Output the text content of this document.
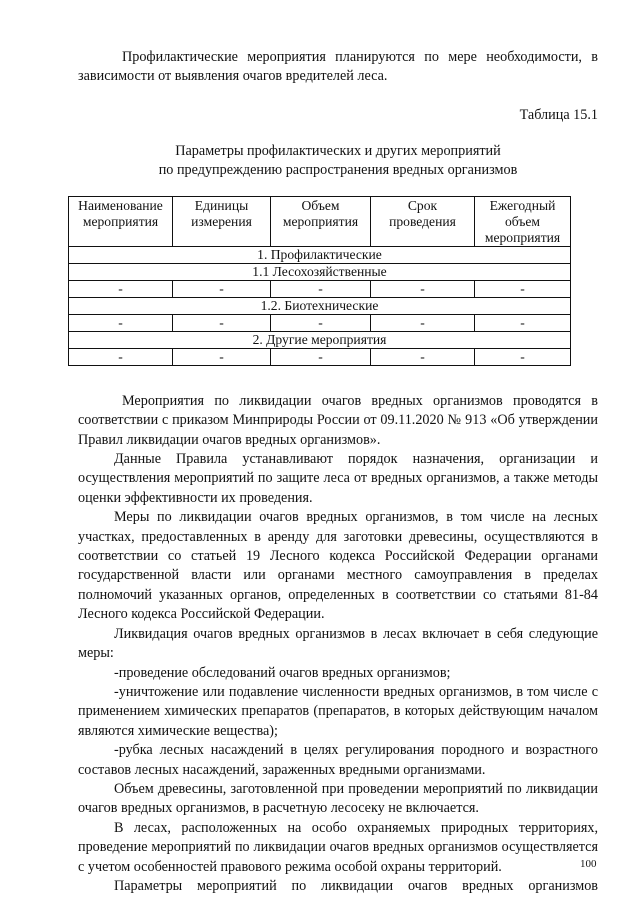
Профилактические мероприятия планируются по мере необходимости, в зависимости от выявления очагов вредителей леса.

Таблица 15.1
Параметры профилактических и других мероприятий
по предупреждению распространения вредных организмов
Наименование мероприятия	Единицы измерения	Объем мероприятия	Срок проведения	Ежегодный объем мероприятия
1. Профилактические				
1.1 Лесохозяйственные				
-	-	-	-	-
1.2. Биотехнические				
-	-	-	-	-
2. Другие мероприятия				
-	-	-	-	-

Мероприятия по ликвидации очагов вредных организмов проводятся в соответствии с приказом Минприроды России от 09.11.2020 № 913 «Об утверждении Правил ликвидации очагов вредных организмов».

Данные Правила устанавливают порядок назначения, организации и осуществления мероприятий по защите леса от вредных организмов, а также методы оценки эффективности их проведения.

Меры по ликвидации очагов вредных организмов, в том числе на лесных участках, предоставленных в аренду для заготовки древесины, осуществляются в соответствии со статьей 19 Лесного кодекса Российской Федерации органами государственной власти или органами местного самоуправления в пределах полномочий указанных органов, определенных в соответствии со статьями 81-84 Лесного кодекса Российской Федерации.

Ликвидация очагов вредных организмов в лесах включает в себя следующие меры:

-проведение обследований очагов вредных организмов;

-уничтожение или подавление численности вредных организмов, в том числе с применением химических препаратов (препаратов, в которых действующим началом являются химические вещества);

-рубка лесных насаждений в целях регулирования породного и возрастного составов лесных насаждений, зараженных вредными организмами.

Объем древесины, заготовленной при проведении мероприятий по ликвидации очагов вредных организмов, в расчетную лесосеку не включается.

В лесах, расположенных на особо охраняемых природных территориях, проведение мероприятий по ликвидации очагов вредных организмов осуществляется с учетом особенностей правового режима особой охраны территорий.

Параметры мероприятий по ликвидации очагов вредных организмов

100
